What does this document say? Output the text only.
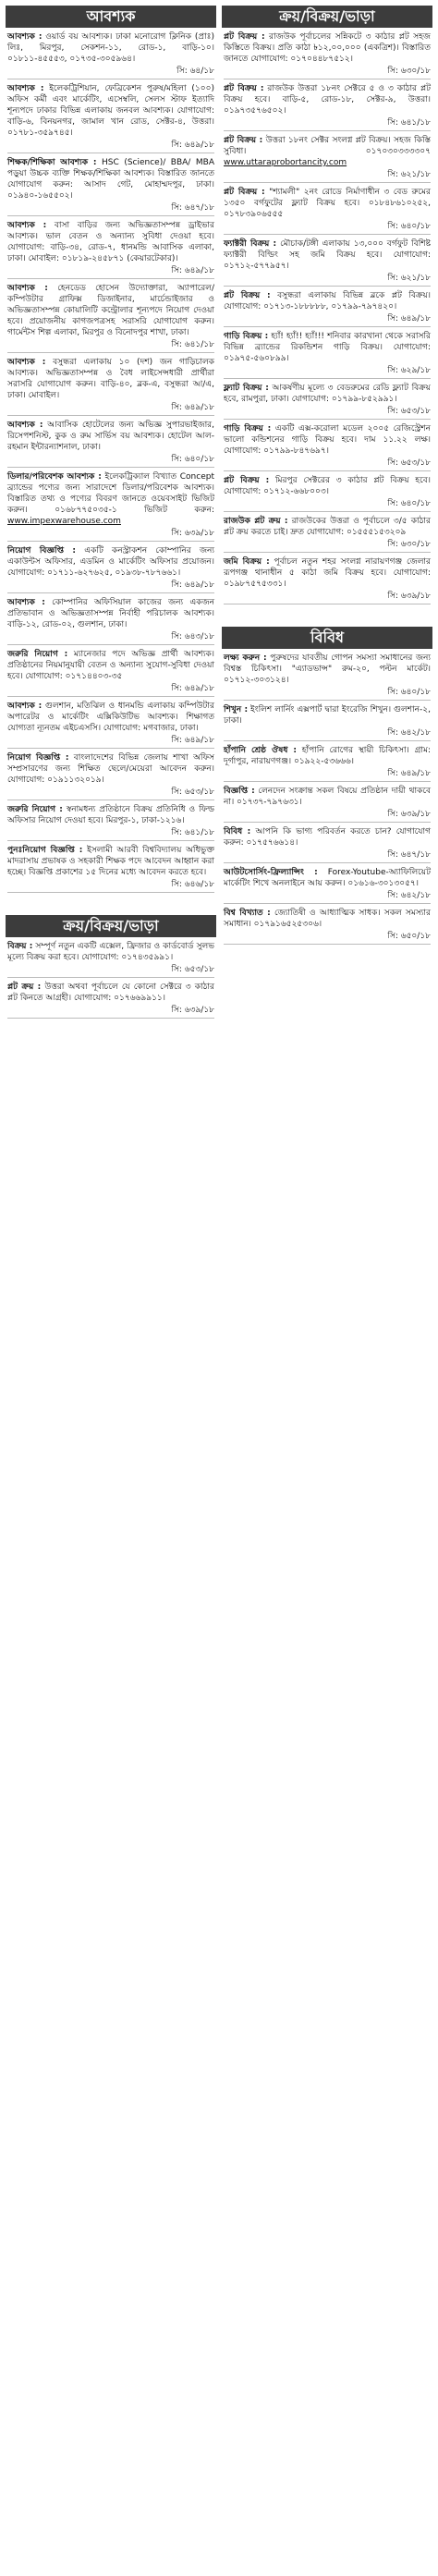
আবশ্যক
আবশ্যক : ওয়ার্ড বয় আবশ্যক। ঢাকা মনোরোগ ক্লিনিক (প্রাঃ) লিঃ, মিরপুর, সেকশন-১১, রোড-১, বাড়ি-১০। ০১৮১১-৪৫৫৫৩, ০১৭৩৫-৩০৫৯৬৪।
সি: ৬৪/১৮
আবশ্যক : ইলেকট্রিশিয়ান, ফেব্রিকেশন পুরুষ/মহিলা (১০০) অফিস কর্মী এবং মার্কেটিং, এসেম্বলি, সেলস স্টাফ ইত্যাদি শূন্যপদে ঢাকার বিভিন্ন এলাকায় জনবল আবশ্যক। যোগাযোগ: বাড়ি-৬, বিনয়নগর, জামাল খান রোড, সেক্টর-৪, উত্তরা। ০১৭৮১-৩৫৯৭৪৫।
সি: ৬৪৯/১৮
শিক্ষক/শিক্ষিকা আবশ্যক : HSC (Science)/ BBA/ MBA পড়ুয়া উচ্চক ব্যক্তি শিক্ষক/শিক্ষিকা আবশ্যক। বিস্তারিত জানতে যোগাযোগ করুন: আসাদ গেট, মোহাম্মদপুর, ঢাকা। ০১৯৪০-১৬৫৫০২।
সি: ৬৪৭/১৮
আবশ্যক : বাসা বাড়ির জন্য অভিজ্ঞতাসম্পন্ন ড্রাইভার আবশ্যক। ভাল বেতন ও অন্যান্য সুবিধা দেওয়া হবে। যোগাযোগ: বাড়ি-৩৪, রোড-৭, ধানমন্ডি আবাসিক এলাকা, ঢাকা। মোবাইল: ০১৮১৯-২৪৫৮৭১ (কেয়ারটেকার)।
সি: ৬৪৯/১৮
আবশ্যক : হেনডেড হোসেন উদ্যোক্তারা, অ্যাপারেল/কম্পিউটার গ্রাফিক্স ডিজাইনার, মার্চেন্ডাইজার ও অভিজ্ঞতাসম্পন্ন কোয়ালিটি কন্ট্রোলার শূন্যপদে নিয়োগ দেওয়া হবে। প্রয়োজনীয় কাগজপত্রসহ সরাসরি যোগাযোগ করুন। গার্মেন্টস শিল্প এলাকা, মিরপুর ও বিনোদপুর শাখা, ঢাকা।
সি: ৬৪১/১৮
আবশ্যক : বসুন্ধরা এলাকায় ১০ (দশ) জন গাড়িচালক আবশ্যক। অভিজ্ঞতাসম্পন্ন ও বৈধ লাইসেন্সধারী প্রার্থীরা সরাসরি যোগাযোগ করুন। বাড়ি-৪০, ব্লক-এ, বসুন্ধরা আ/এ, ঢাকা। মোবাইল।
সি: ৬৪৯/১৮
আবশ্যক : আবাসিক হোটেলের জন্য অভিজ্ঞ সুপারভাইজার, রিসেপশনিস্ট, কুক ও রুম সার্ভিস বয় আবশ্যক। হোটেল আল-রহমান ইন্টারন্যাশনাল, ঢাকা।
সি: ৬৪০/১৮
ডিলার/পরিবেশক আবশ্যক : ইলেকট্রিক্যাল বিখ্যাত Concept ব্র্যান্ডের পণ্যের জন্য সারাদেশে ডিলার/পরিবেশক আবশ্যক। বিস্তারিত তথ্য ও পণ্যের বিবরণ জানতে ওয়েবসাইট ভিজিট করুন। ০১৬৮৭৭৫০৩৫-১ ভিজিট করুন: www.impexwarehouse.com
সি: ৬৩৯/১৮
নিয়োগ বিজ্ঞপ্তি : একটি কনস্ট্রাকশন কোম্পানির জন্য একাউন্টস অফিসার, এডমিন ও মার্কেটিং অফিসার প্রয়োজন। যোগাযোগ: ০১৭১১-৬২৭৬২৫, ০১৯৩৮-৭৮৭৬৬১।
সি: ৬৪৯/১৮
আবশ্যক : কোম্পানির অফিসিয়াল কাজের জন্য একজন প্রতিভাবান ও অভিজ্ঞতাসম্পন্ন নির্বাহী পরিচালক আবশ্যক। বাড়ি-১২, রোড-০২, গুলশান, ঢাকা।
সি: ৬৪৩/১৮
জরুরি নিয়োগ : ম্যানেজার পদে অভিজ্ঞ প্রার্থী আবশ্যক। প্রতিষ্ঠানের নিয়মানুযায়ী বেতন ও অন্যান্য সুযোগ-সুবিধা দেওয়া হবে। যোগাযোগ: ০১৭১৪৪০৩-৩৫
সি: ৬৪৯/১৮
আবশ্যক : গুলশান, মতিঝিল ও ধানমন্ডি এলাকায় কম্পিউটার অপারেটর ও মার্কেটিং এক্সিকিউটিভ আবশ্যক। শিক্ষাগত যোগ্যতা ন্যূনতম এইচএসসি। যোগাযোগ: মগবাজার, ঢাকা।
সি: ৬৪৯/১৮
নিয়োগ বিজ্ঞপ্তি : বাংলাদেশের বিভিন্ন জেলায় শাখা অফিস সম্প্রসারণের জন্য শিক্ষিত ছেলে/মেয়েরা আবেদন করুন। যোগাযোগ: ০১৯১১৩২০১৯।
সি: ৬৫৩/১৮
জরুরি নিয়োগ : স্বনামধন্য প্রতিষ্ঠানে বিক্রয় প্রতিনিধি ও ফিল্ড অফিসার নিয়োগ দেওয়া হবে। মিরপুর-১, ঢাকা-১২১৬।
সি: ৬৪১/১৮
পুনঃনিয়োগ বিজ্ঞপ্তি : ইসলামী আরবী বিশ্ববিদ্যালয় অধিভুক্ত মাদরাসায় প্রভাষক ও সহকারী শিক্ষক পদে আবেদন আহ্বান করা হচ্ছে। বিজ্ঞপ্তি প্রকাশের ১৫ দিনের মধ্যে আবেদন করতে হবে।
সি: ৬৪৬/১৮
ক্রয়/বিক্রয়/ভাড়া
বিক্রয় : সম্পূর্ণ নতুন একটি এক্সেল, ফ্রিজার ও কার্ডবোর্ড সুলভ মূল্যে বিক্রয় করা হবে। যোগাযোগ: ০১৭৪৩৫৯৯১।
সি: ৬৫৩/১৮
প্লট ক্রয় : উত্তরা অথবা পূর্বাচলে যে কোনো সেক্টরে ৩ কাঠার প্লট কিনতে আগ্রহী। যোগাযোগ: ০১৭৬৬৯৯১১।
সি: ৬৩৯/১৮
ক্রয়/বিক্রয়/ভাড়া
প্লট বিক্রয় : রাজউক পূর্বাচলের সন্নিকটে ৩ কাঠার প্লট সহজ কিস্তিতে বিক্রয়। প্রতি কাঠা ৳১২,০০,০০০ (একত্রিশ)। বিস্তারিত জানতে যোগাযোগ: ০১৭০৪৪৮৭৫১২।
সি: ৬৩০/১৮
প্লট বিক্রয় : রাজউক উত্তরা ১৮নং সেক্টরে ৫ ও ৩ কাঠার প্লট বিক্রয় হবে। বাড়ি-৫, রোড-১৮, সেক্টর-৯, উত্তরা। ০১৯৭৩৫৭৬৫০২।
সি: ৬৪১/১৮
প্লট বিক্রয় : উত্তরা ১৮নং সেক্টর সংলগ্ন প্লট বিক্রয়। সহজ কিস্তি সুবিধা। ০১৭০৩০৩৩৩৩০৭ www.uttaraprobortancity.com
সি: ৬২১/১৮
প্লট বিক্রয় : "শ্যামলী" ২নং রোডে নির্মাণাধীন ৩ বেড রুমের ১৩৫০ বর্গফুটের ফ্ল্যাট বিক্রয় হবে। ০১৮৪৮৬১০২৫২, ০১৭৮৩৯০৬৫৫৫
সি: ৬৪০/১৮
ফ্যাক্টরী বিক্রয় : মৌচাক/টঙ্গী এলাকায় ১৩,০০০ বর্গফুট বিশিষ্ট ফ্যাক্টরী বিল্ডিং সহ জমি বিক্রয় হবে। যোগাযোগ: ০১৭১২-৫৭৭৯৫৭।
সি: ৬২১/১৮
প্লট বিক্রয় : বসুন্ধরা এলাকায় বিভিন্ন ব্লকে প্লট বিক্রয়। যোগাযোগ: ০১৭১৩-১৮৮৮৮৮, ০১৭৯৯-৭৯৭৪২০।
সি: ৬৪৯/১৮
গাড়ি বিক্রয় : হ্যাঁ! হ্যাঁ!! হ্যাঁ!!! শনিবার কারখানা থেকে সরাসরি বিভিন্ন ব্র্যান্ডের রিকন্ডিশন গাড়ি বিক্রয়। যোগাযোগ: ০১৯৭৫-৫৬০৮৯৯।
সি: ৬২৯/১৮
ফ্ল্যাট বিক্রয় : আকর্ষণীয় মূল্যে ৩ বেডরুমের রেডি ফ্ল্যাট বিক্রয় হবে, রামপুরা, ঢাকা। যোগাযোগ: ০১৭৯৯-৮৫২৯৯১।
সি: ৬৫৩/১৮
গাড়ি বিক্রয় : একটি এক্স-করোলা মডেল ২০০৫ রেজিস্ট্রেশন ভালো কন্ডিশনের গাড়ি বিক্রয় হবে। দাম ১১.২২ লক্ষ। যোগাযোগ: ০১৭৯৯-৮৪৭৬৯৭।
সি: ৬৫৩/১৮
প্লট বিক্রয় : মিরপুর সেক্টরের ৩ কাঠার প্লট বিক্রয় হবে। যোগাযোগ: ০১৭১২-৬৬৮০০৩।
সি: ৬৪০/১৮
রাজউক প্লট ক্রয় : রাজউকের উত্তরা ও পূর্বাচলে ৩/৫ কাঠার প্লট ক্রয় করতে চাই। দ্রুত যোগাযোগ: ০১৫৫৫১৫৩২০৯
সি: ৬৩০/১৮
জমি বিক্রয় : পূর্বাচল নতুন শহর সংলগ্ন নারায়ণগঞ্জ জেলার রূপগঞ্জ থানাধীন ৫ কাঠা জমি বিক্রয় হবে। যোগাযোগ: ০১৯৮৭৫৭৫৩৩১।
সি: ৬৩৯/১৮
বিবিধ
লক্ষ্য করুন : পুরুষদের যাবতীয় গোপন সমস্যা সমাধানের জন্য বিশ্বস্ত চিকিৎসা। "এ্যাডভান্স" রুম-২০, পল্টন মার্কেট। ০১৭১২-৩০৩১২৪।
সি: ৬৪০/১৮
শিখুন : ইংলিশ লার্নিং এক্সপার্ট দ্বারা ইংরেজি শিখুন। গুলশান-২, ঢাকা।
সি: ৬৪২/১৮
হাঁপানি শ্রেষ্ঠ ঔষধ : হাঁপানি রোগের স্থায়ী চিকিৎসা। গ্রাম: দূর্গাপুর, নারায়ণগঞ্জ। ০১৯২২-৫৩৬৬৬।
সি: ৬৪৯/১৮
বিজ্ঞপ্তি : লেনদেন সংক্রান্ত সকল বিষয়ে প্রতিষ্ঠান দায়ী থাকবে না। ০১৭৩৭-৭৯৭৬৩১।
সি: ৬৩৯/১৮
বিবিধ : আপনি কি ভাগ্য পরিবর্তন করতে চান? যোগাযোগ করুন: ০১৭৫৭৬৬১৪।
সি: ৬৪৭/১৮
আউটসোর্সিং-ফ্রিল্যান্সিং : Forex-Youtube-অ্যাফিলিয়েট মার্কেটিং শিখে অনলাইনে আয় করুন। ০১৬১৬-৩০১৩০৫৭।
সি: ৬৪২/১৮
বিশ্ব বিখ্যাত : জ্যোতিষী ও আধ্যাত্মিক সাধক। সকল সমস্যার সমাধান। ০১৭৯১৬৫২৫৩০৬।
সি: ৬৫০/১৮
